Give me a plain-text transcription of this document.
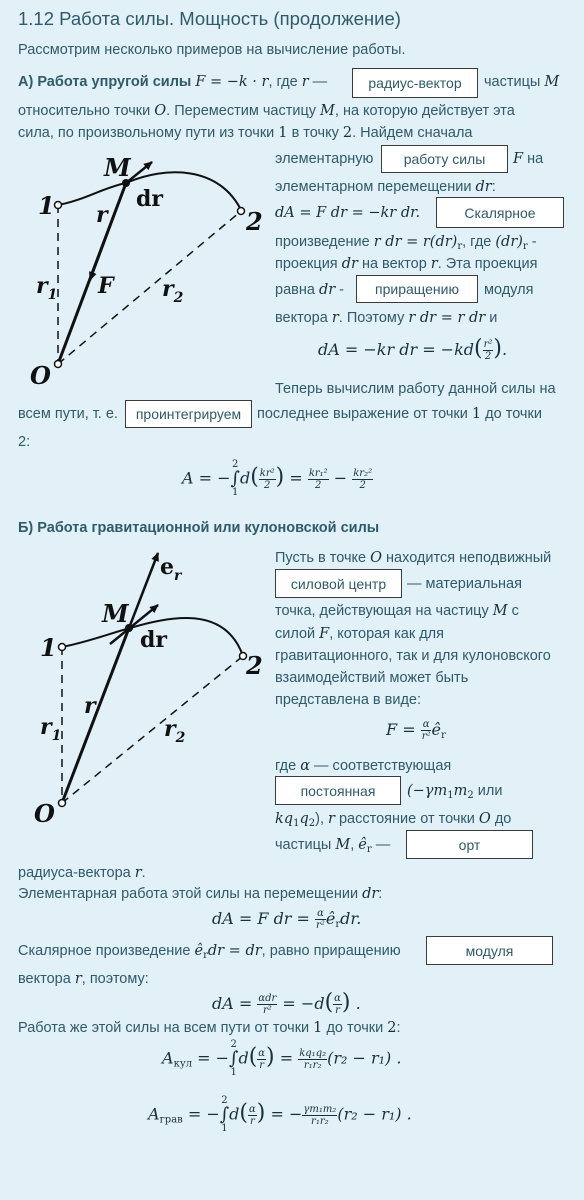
1.12 Работа силы. Мощность (продолжение)
Рассмотрим несколько примеров на вычисление работы.
А) Работа упругой силы F = −k · r, где r —	радиус-вектор	частицы M
относительно точки O. Переместим частицу M, на которую действует эта
сила, по произвольному пути из точки 1 в точку 2. Найдем сначала
M
dr
1
2
r
$r_1$ F $r_2$
O
элементарную	работу силы	F на
элементарном перемещении dr:
dA = F dr = −kr dr.	Скалярное
произведение r dr = $r(dr)_r$, где $(dr)_r$ -
проекция dr на вектор r. Эта проекция
равна dr -	приращению	модуля
вектора r. Поэтому r dr = r dr и
dA = −kr dr = $-kd( \frac{\text{r²}}{2}$ ).
Теперь вычислим работу данной силы на
всем пути, т. е.	проинтегрируем	последнее выражение от точки 1 до точки
2:
A = −2
∫
$1d( \frac{\text{kr²}}{2}$ ) = $\frac{\text{kr₁²}}{2} - \frac{\text{kr₂²}}{2}$
Б) Работа гравитационной или кулоновской силы
$e_r$
M
dr
1
2
r
$r_1$	$r_2$
O
Пусть в точке O находится неподвижный
силовой центр	— материальная
точка, действующая на частицу M с
силой F, которая как для
гравитационного, так и для кулоновского
взаимодействий может быть
представлена в виде:
$F = \frac{\alpha}{\text{r²}}$ $ê_r$
где α — соответствующая
постоянная	($-\gamma m_1m_2$ или
$kq_1q_2$), r расстояние от точки O до
частицы M, $ê_r$ —	орт
радиуса-вектора r.
Элементарная работа этой силы на перемещении dr:
dA = F dr = $\frac{\alpha}{\text{r²}}$ $ê_rdr$.
Скалярное произведение $ê_rdr$ = dr, равно приращению	модуля
вектора r, поэтому:
dA = $\frac{\text{αdr}}{\text{r²}} = -d( \frac{\alpha}{r}$ ) .
Работа же этой силы на всем пути от точки 1 до точки 2:
$A_{кул} = -2$
∫
$1d( \frac{\alpha}{r}$ ) = $\frac{\text{kq₁q₂}}{\text{r₁r₂}} (r_2 - r_1)$ .
$A_{грав} = -2$
∫
$1d( \frac{\alpha}{r}$ ) = − $\frac{\text{γm₁m₂}}{\text{r₁r₂}} (r_2 - r_1)$ .
